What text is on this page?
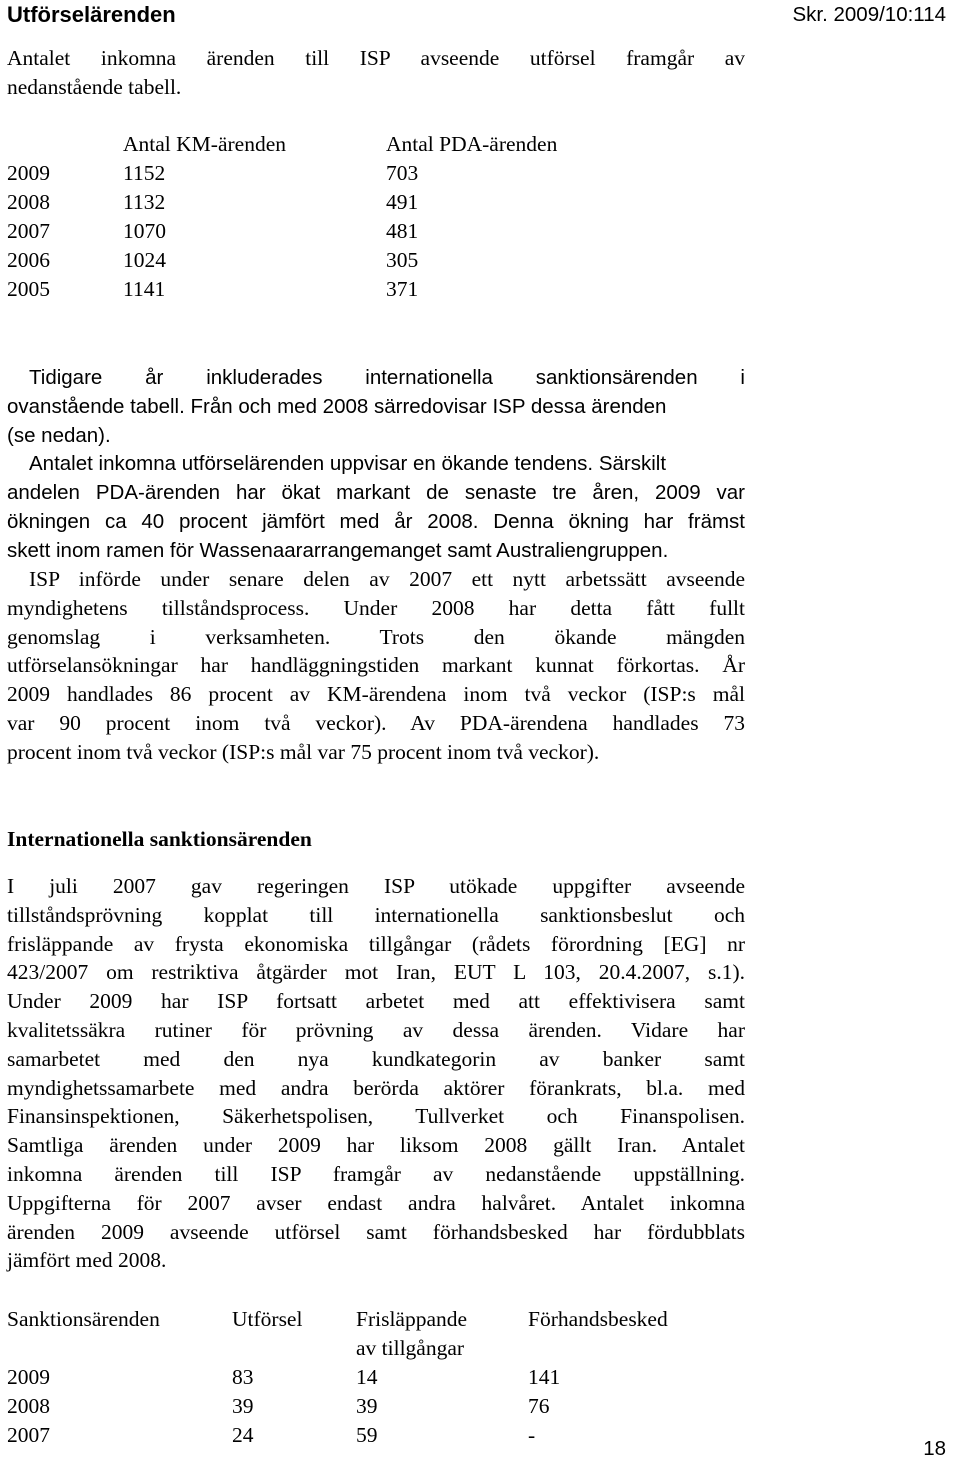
Utförselärenden	Skr. 2009/10:114
Antalet inkomna ärenden till ISP avseende utförsel framgår av
nedanstående tabell.
	Antal KM-ärenden	Antal PDA-ärenden
2009	1152	703
2008	1132	491
2007	1070	481
2006	1024	305
2005	1141	371
Tidigare år inkluderades internationella sanktionsärenden i
ovanstående tabell. Från och med 2008 särredovisar ISP dessa ärenden
(se nedan).
Antalet inkomna utförselärenden uppvisar en ökande tendens. Särskilt
andelen PDA-ärenden har ökat markant de senaste tre åren, 2009 var
ökningen ca 40 procent jämfört med år 2008. Denna ökning har främst
skett inom ramen för Wassenaararrangemanget samt Australiengruppen.
ISP införde under senare delen av 2007 ett nytt arbetssätt avseende
myndighetens tillståndsprocess. Under 2008 har detta fått fullt
genomslag i verksamheten. Trots den ökande mängden
utförselansökningar har handläggningstiden markant kunnat förkortas. År
2009 handlades 86 procent av KM-ärendena inom två veckor (ISP:s mål
var 90 procent inom två veckor). Av PDA-ärendena handlades 73
procent inom två veckor (ISP:s mål var 75 procent inom två veckor).
Internationella sanktionsärenden
I juli 2007 gav regeringen ISP utökade uppgifter avseende
tillståndsprövning kopplat till internationella sanktionsbeslut och
frisläppande av frysta ekonomiska tillgångar (rådets förordning [EG] nr
423/2007 om restriktiva åtgärder mot Iran, EUT L 103, 20.4.2007, s.1).
Under 2009 har ISP fortsatt arbetet med att effektivisera samt
kvalitetssäkra rutiner för prövning av dessa ärenden. Vidare har
samarbetet med den nya kundkategorin av banker samt
myndighetssamarbete med andra berörda aktörer förankrats, bl.a. med
Finansinspektionen, Säkerhetspolisen, Tullverket och Finanspolisen.
Samtliga ärenden under 2009 har liksom 2008 gällt Iran. Antalet
inkomna ärenden till ISP framgår av nedanstående uppställning.
Uppgifterna för 2007 avser endast andra halvåret. Antalet inkomna
ärenden 2009 avseende utförsel samt förhandsbesked har fördubblats
jämfört med 2008.
Sanktionsärenden	Utförsel	Frisläppande	Förhandsbesked
		av tillgångar	
2009	83	14	141
2008	39	39	76
2007	24	59	-
18
